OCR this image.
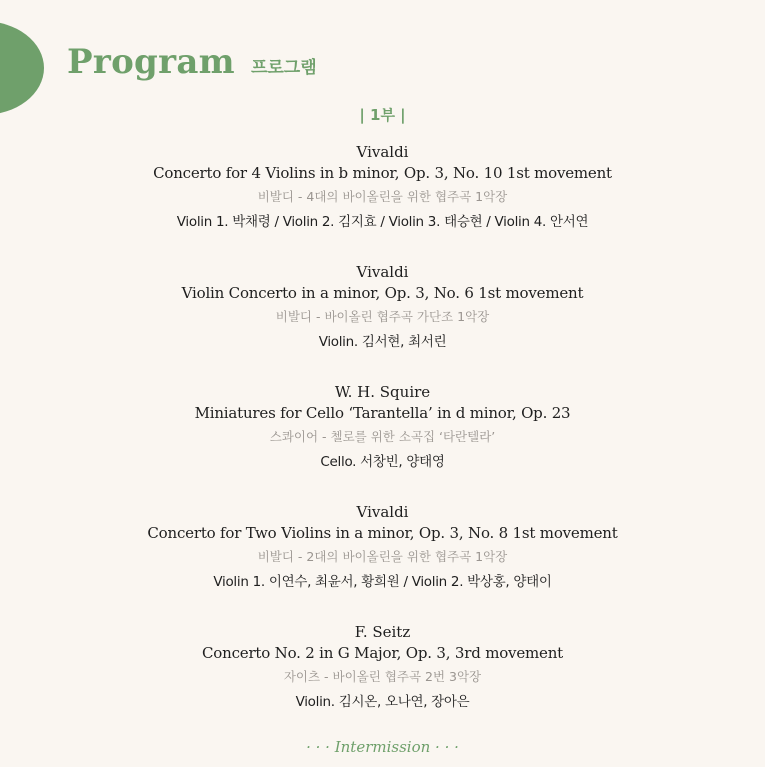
Program 프로그램
| 1부 |
Vivaldi
Concerto for 4 Violins in b minor, Op. 3, No. 10 1st movement
비발디 - 4대의 바이올린을 위한 협주곡 1악장
Violin 1. 박채령 / Violin 2. 김지효 / Violin 3. 태승현 / Violin 4. 안서연
Vivaldi
Violin Concerto in a minor, Op. 3, No. 6 1st movement
비발디 - 바이올린 협주곡 가단조 1악장
Violin. 김서현, 최서린
W. H. Squire
Miniatures for Cello ‘Tarantella’ in d minor, Op. 23
스콰이어 - 첼로를 위한 소곡집 ‘타란텔라’
Cello. 서창빈, 양태영
Vivaldi
Concerto for Two Violins in a minor, Op. 3, No. 8 1st movement
비발디 - 2대의 바이올린을 위한 협주곡 1악장
Violin 1. 이연수, 최윤서, 황희원 / Violin 2. 박상홍, 양태이
F. Seitz
Concerto No. 2 in G Major, Op. 3, 3rd movement
자이츠 - 바이올린 협주곡 2번 3악장
Violin. 김시온, 오나연, 장아은
· · · Intermission · · ·
